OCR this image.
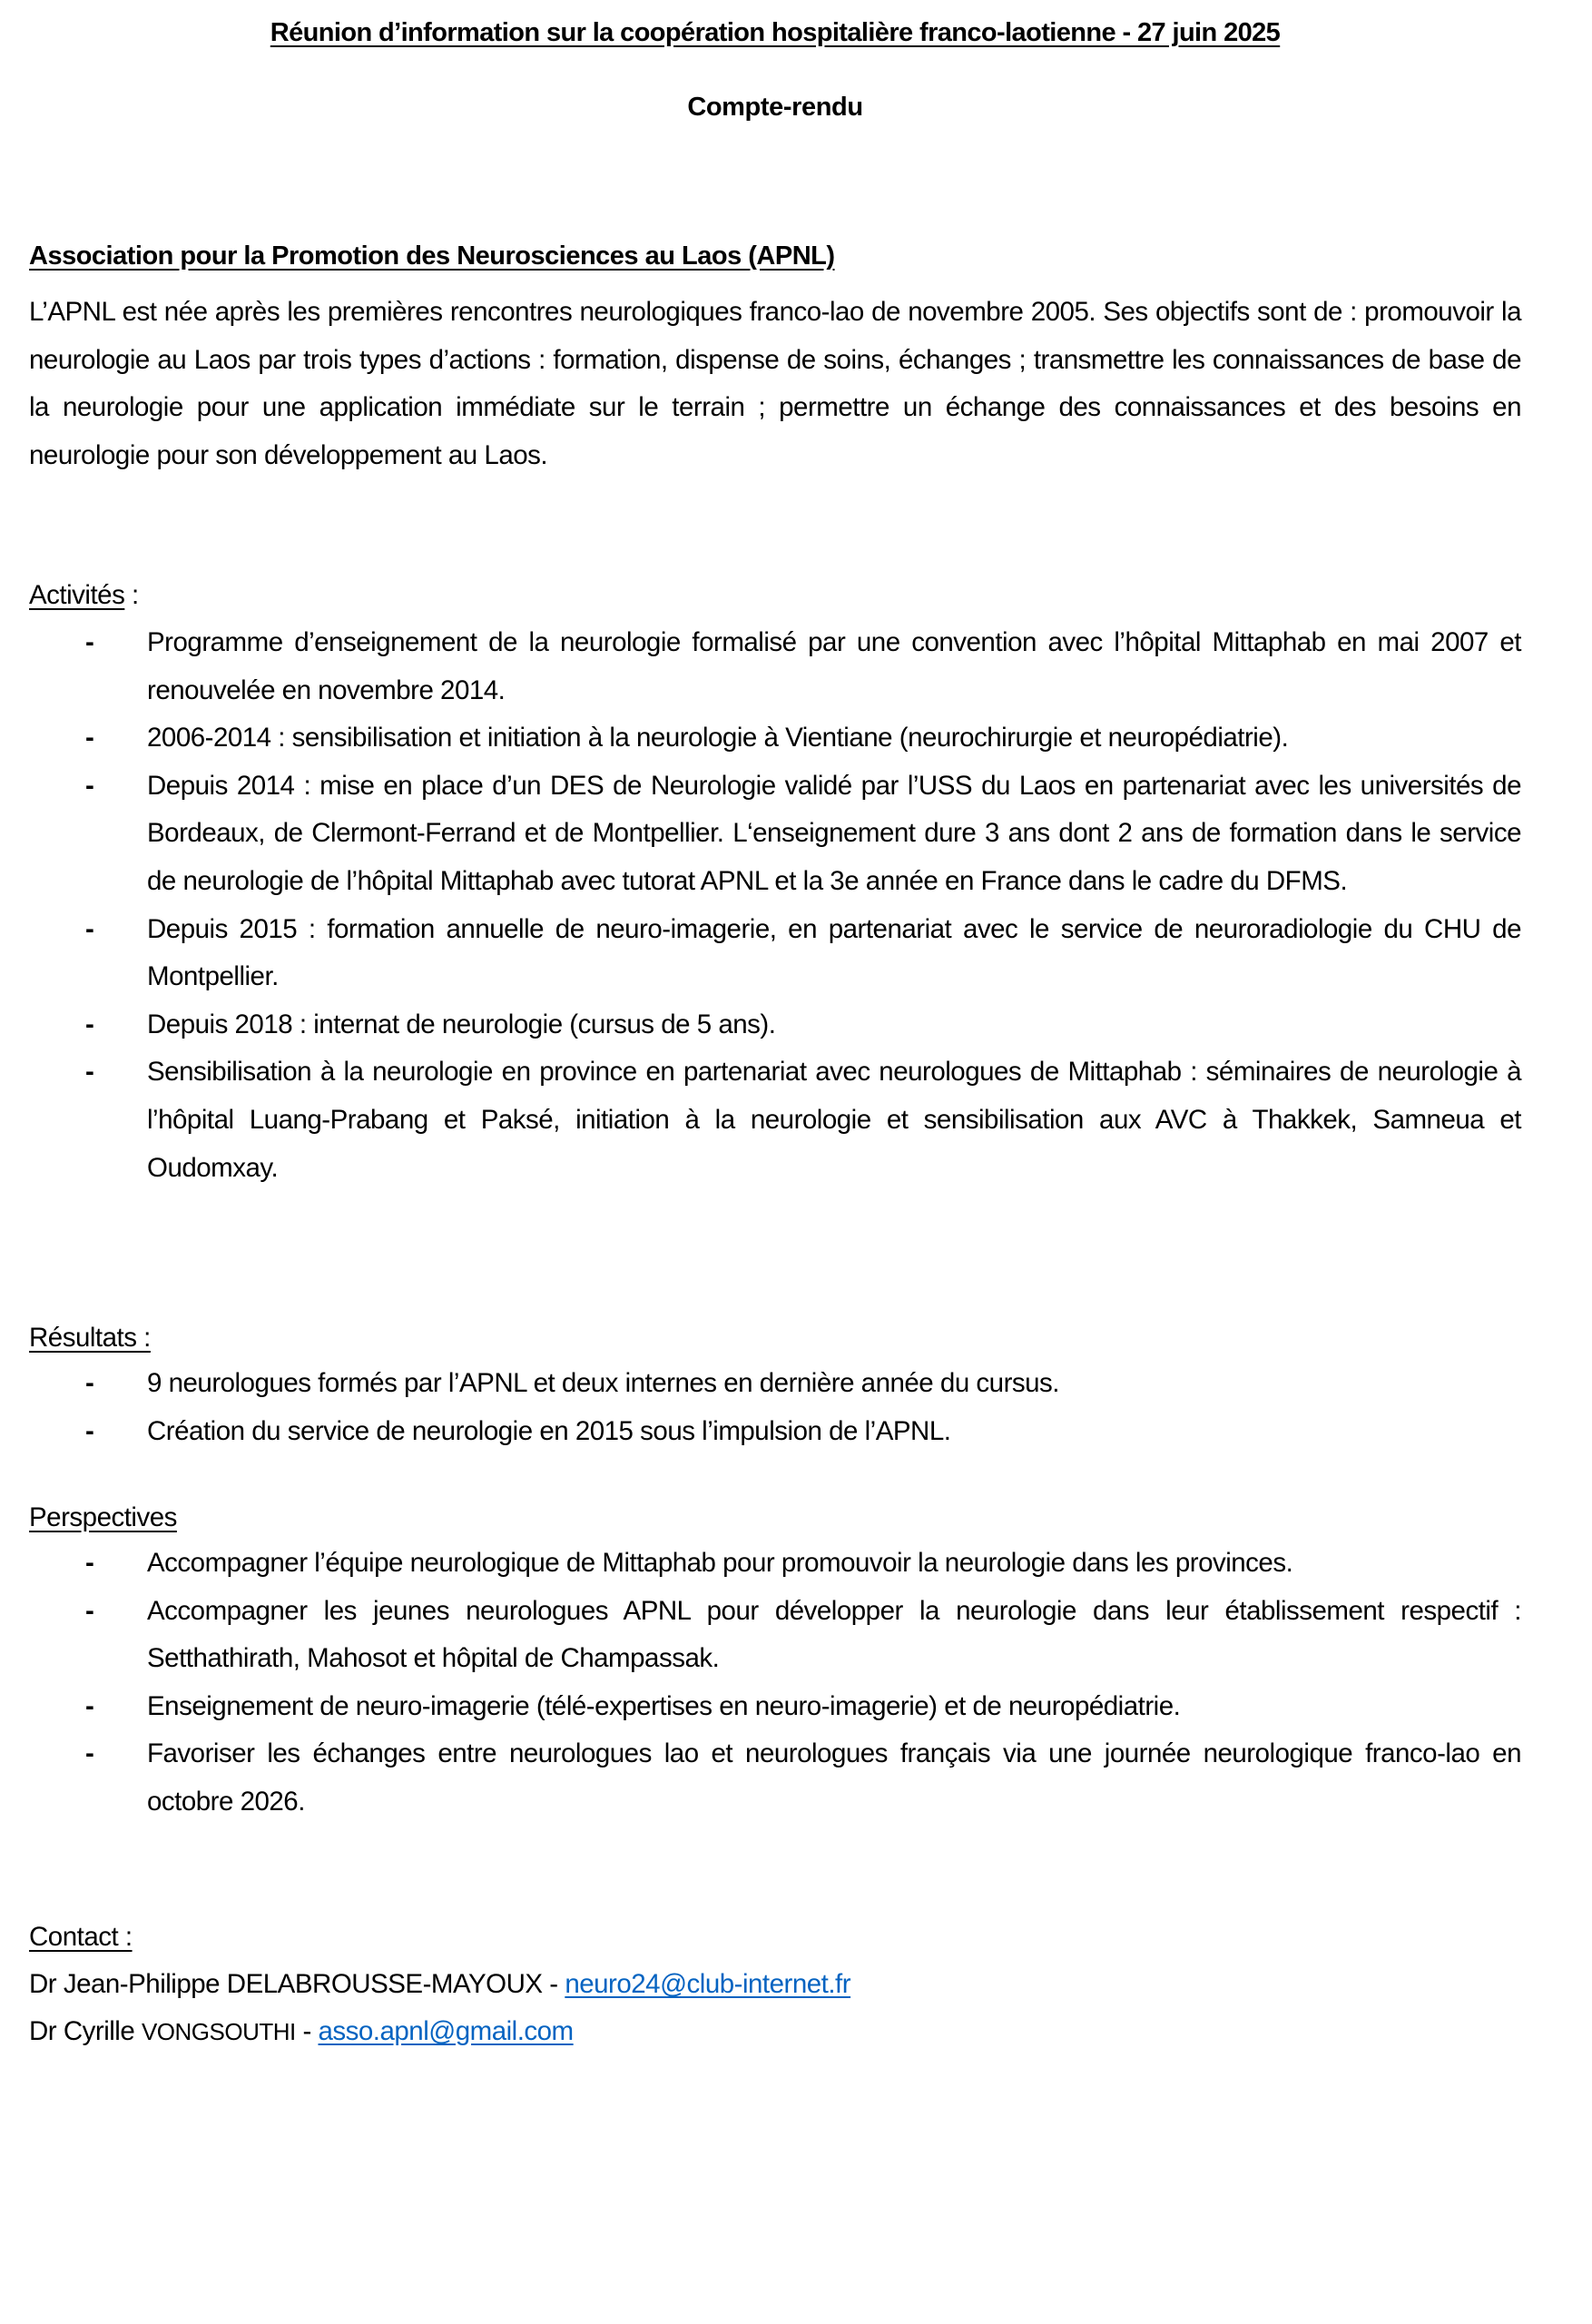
Réunion d’information sur la coopération hospitalière franco-laotienne - 27 juin 2025
Compte-rendu
Association pour la Promotion des Neurosciences au Laos (APNL)
L’APNL est née après les premières rencontres neurologiques franco-lao de novembre 2005. Ses objectifs sont de : promouvoir la neurologie au Laos par trois types d’actions : formation, dispense de soins, échanges ; transmettre les connaissances de base de la neurologie pour une application immédiate sur le terrain ; permettre un échange des connaissances et des besoins en neurologie pour son développement au Laos.
Activités :
- Programme d’enseignement de la neurologie formalisé par une convention avec l’hôpital Mittaphab en mai 2007 et renouvelée en novembre 2014.
- 2006-2014 : sensibilisation et initiation à la neurologie à Vientiane (neurochirurgie et neuropédiatrie).
- Depuis 2014 : mise en place d’un DES de Neurologie validé par l’USS du Laos en partenariat avec les universités de Bordeaux, de Clermont-Ferrand et de Montpellier. L‘enseignement dure 3 ans dont 2 ans de formation dans le service de neurologie de l’hôpital Mittaphab avec tutorat APNL et la 3e année en France dans le cadre du DFMS.
- Depuis 2015 : formation annuelle de neuro-imagerie, en partenariat avec le service de neuroradiologie du CHU de Montpellier.
- Depuis 2018 : internat de neurologie (cursus de 5 ans).
- Sensibilisation à la neurologie en province en partenariat avec neurologues de Mittaphab : séminaires de neurologie à l’hôpital Luang-Prabang et Paksé, initiation à la neurologie et sensibilisation aux AVC à Thakkek, Samneua et Oudomxay.
Résultats :
- 9 neurologues formés par l’APNL et deux internes en dernière année du cursus.
- Création du service de neurologie en 2015 sous l’impulsion de l’APNL.
Perspectives
- Accompagner l’équipe neurologique de Mittaphab pour promouvoir la neurologie dans les provinces.
- Accompagner les jeunes neurologues APNL pour développer la neurologie dans leur établissement respectif : Setthathirath, Mahosot et hôpital de Champassak.
- Enseignement de neuro-imagerie (télé-expertises en neuro-imagerie) et de neuropédiatrie.
- Favoriser les échanges entre neurologues lao et neurologues français via une journée neurologique franco-lao en octobre 2026.
Contact :
Dr Jean-Philippe DELABROUSSE-MAYOUX - neuro24@club-internet.fr
Dr Cyrille VONGSOUTHI - asso.apnl@gmail.com
